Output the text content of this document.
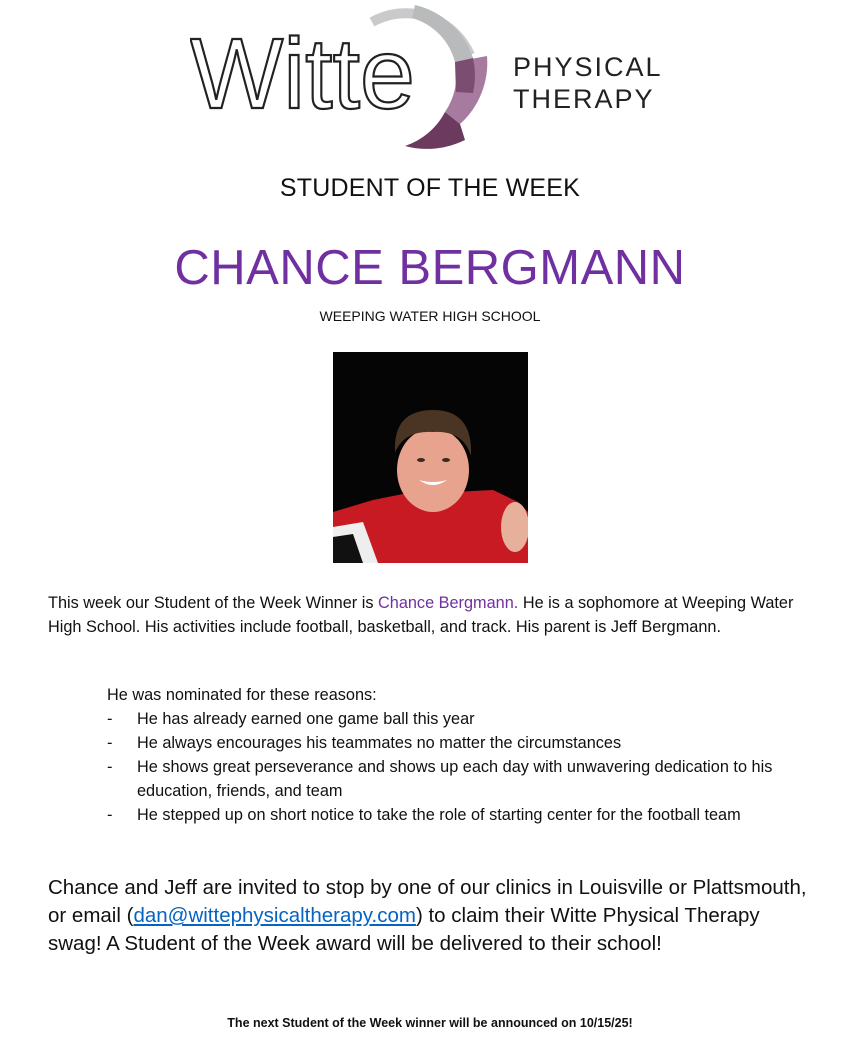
Witte	PHYSICAL
THERAPY
STUDENT OF THE WEEK
CHANCE BERGMANN
WEEPING WATER HIGH SCHOOL
This week our Student of the Week Winner is Chance Bergmann. He is a sophomore at Weeping Water High School. His activities include football, basketball, and track. His parent is Jeff Bergmann.
He was nominated for these reasons:
- He has already earned one game ball this year
- He always encourages his teammates no matter the circumstances
- He shows great perseverance and shows up each day with unwavering dedication to his education, friends, and team
- He stepped up on short notice to take the role of starting center for the football team
Chance and Jeff are invited to stop by one of our clinics in Louisville or Plattsmouth, or email (dan@wittephysicaltherapy.com) to claim their Witte Physical Therapy swag! A Student of the Week award will be delivered to their school!
The next Student of the Week winner will be announced on 10/15/25!
